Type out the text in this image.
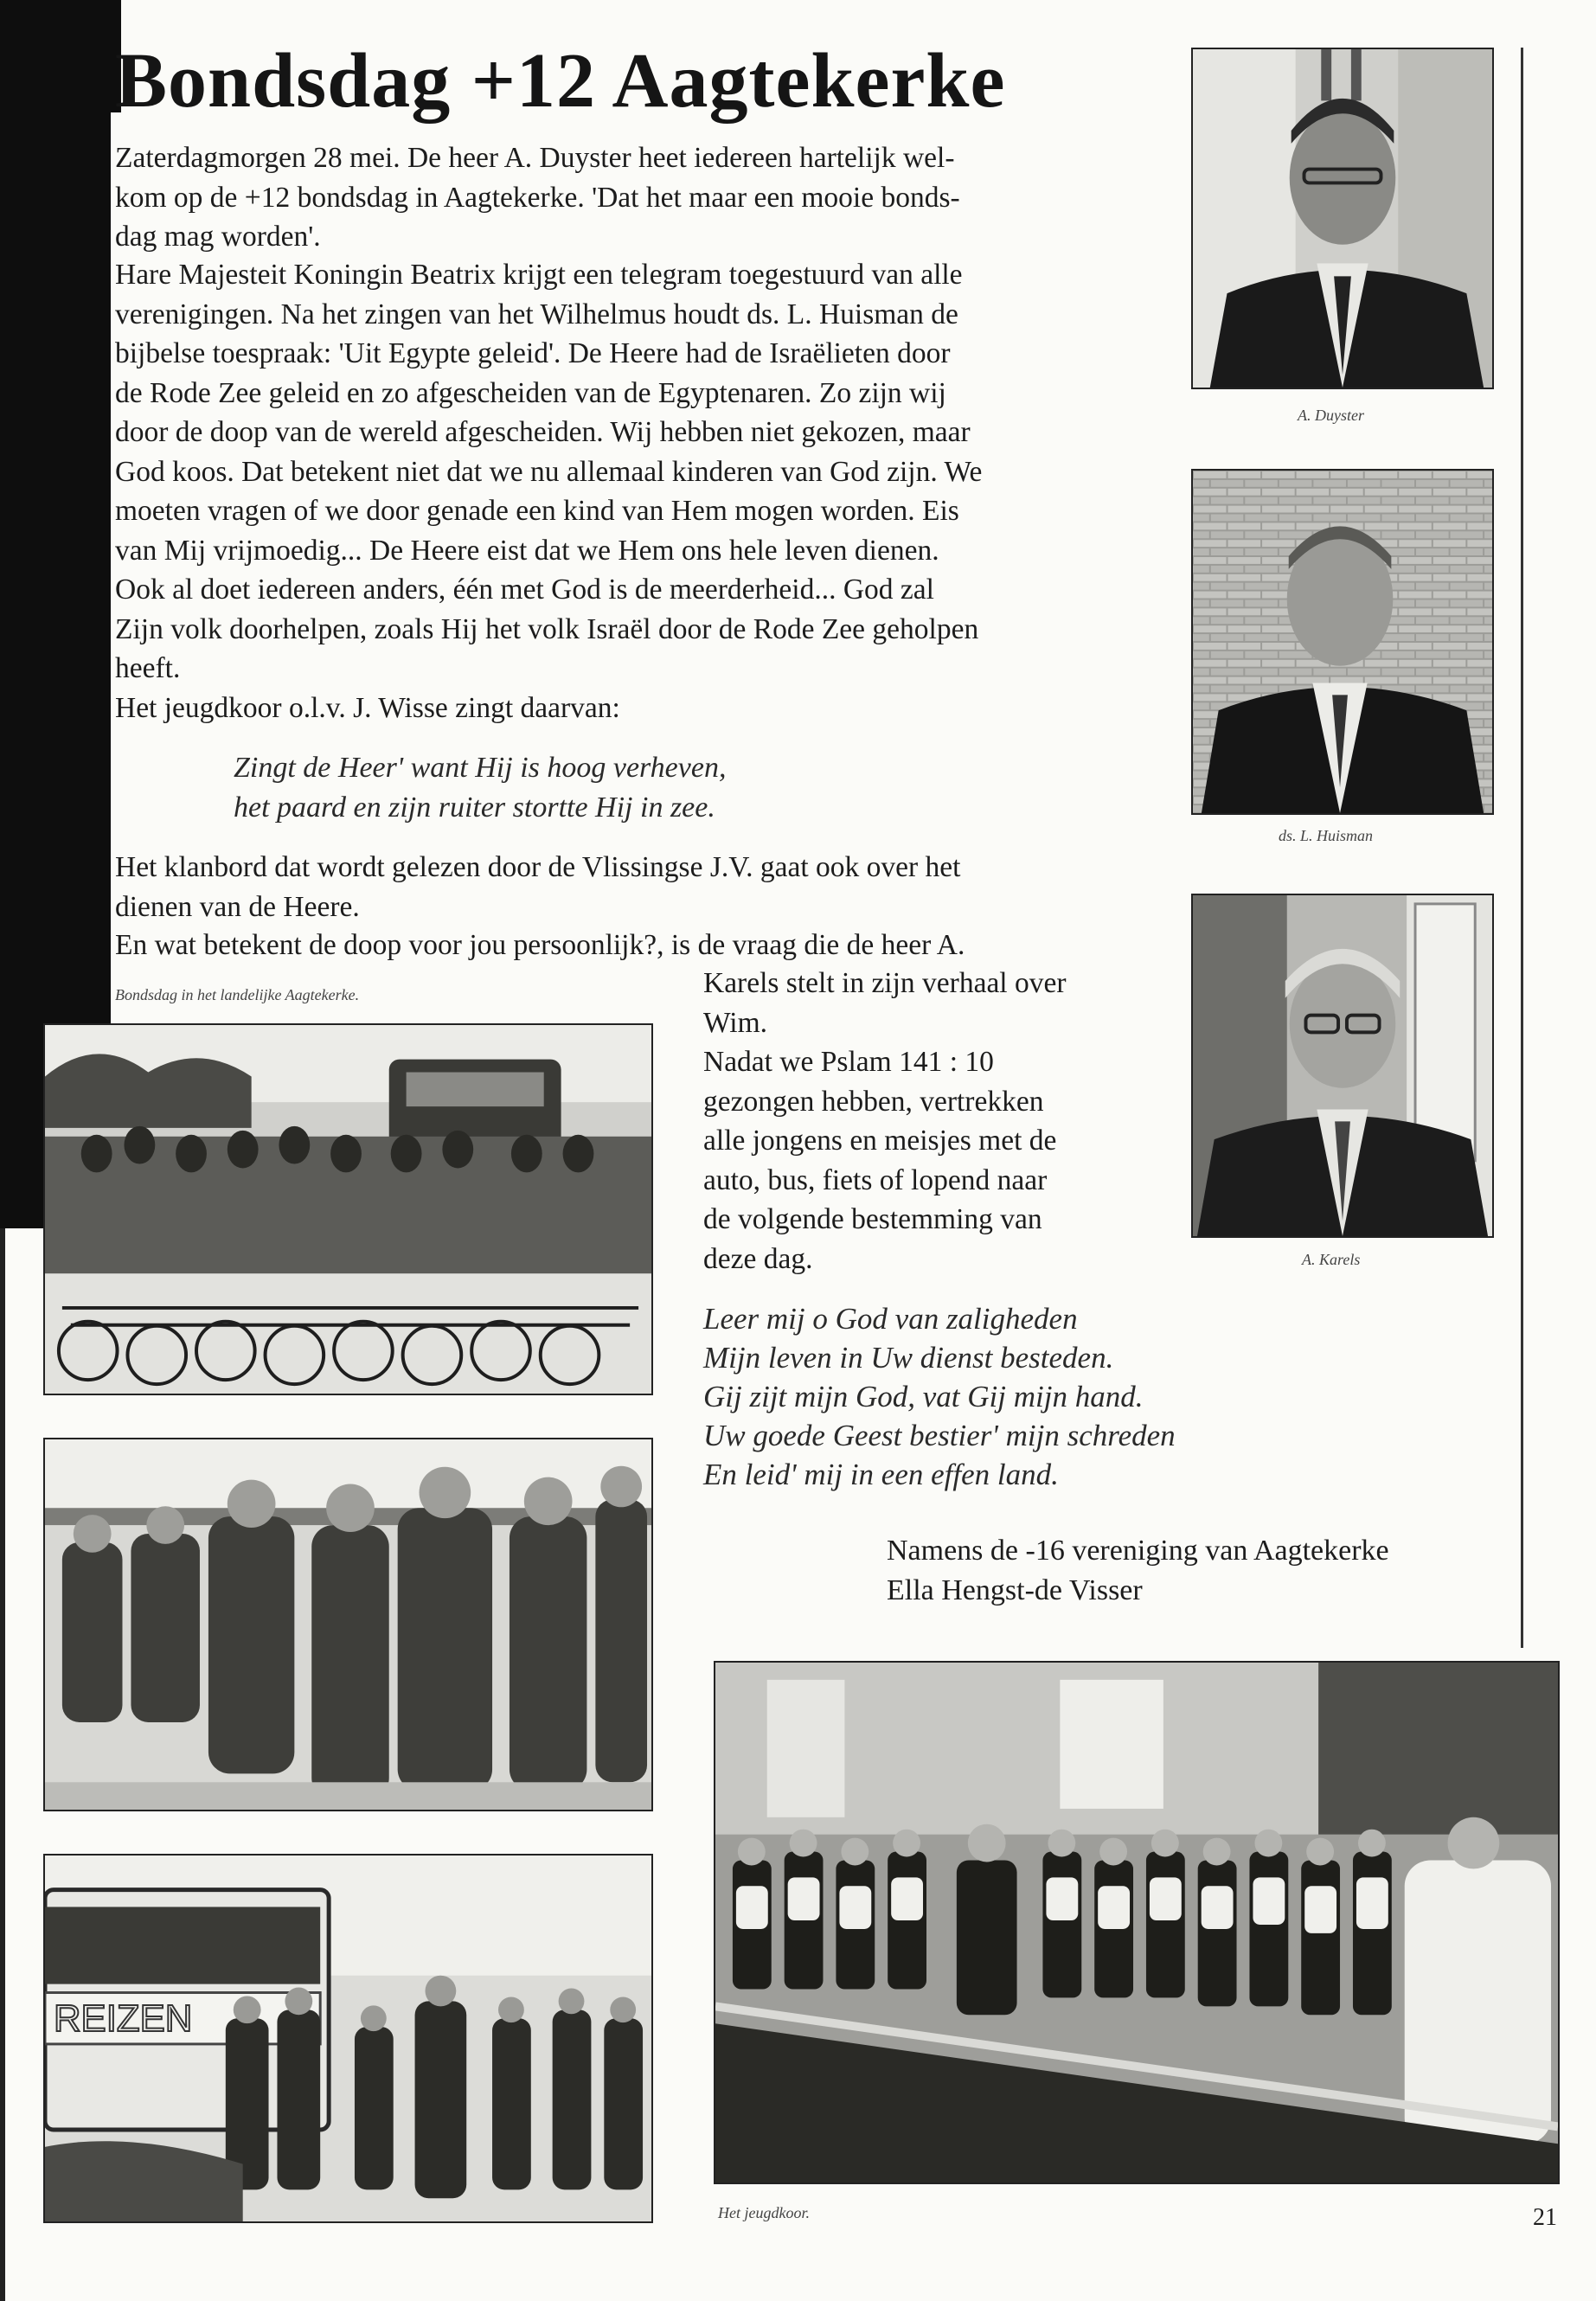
Bondsdag +12 Aagtekerke
Zaterdagmorgen 28 mei. De heer A. Duyster heet iedereen hartelijk wel-
kom op de +12 bondsdag in Aagtekerke. 'Dat het maar een mooie bonds-
dag mag worden'.
Hare Majesteit Koningin Beatrix krijgt een telegram toegestuurd van alle
verenigingen. Na het zingen van het Wilhelmus houdt ds. L. Huisman de
bijbelse toespraak: 'Uit Egypte geleid'. De Heere had de Israëlieten door
de Rode Zee geleid en zo afgescheiden van de Egyptenaren. Zo zijn wij
door de doop van de wereld afgescheiden. Wij hebben niet gekozen, maar
God koos. Dat betekent niet dat we nu allemaal kinderen van God zijn. We
moeten vragen of we door genade een kind van Hem mogen worden. Eis
van Mij vrijmoedig... De Heere eist dat we Hem ons hele leven dienen.
Ook al doet iedereen anders, één met God is de meerderheid... God zal
Zijn volk doorhelpen, zoals Hij het volk Israël door de Rode Zee geholpen
heeft.
Het jeugdkoor o.l.v. J. Wisse zingt daarvan:
Zingt de Heer' want Hij is hoog verheven,
het paard en zijn ruiter stortte Hij in zee.
Het klanbord dat wordt gelezen door de Vlissingse J.V. gaat ook over het
dienen van de Heere.
En wat betekent de doop voor jou persoonlijk?, is de vraag die de heer A.
Karels stelt in zijn verhaal over
Wim.
Nadat we Pslam 141 : 10
gezongen hebben, vertrekken
alle jongens en meisjes met de
auto, bus, fiets of lopend naar
de volgende bestemming van
deze dag.
Leer mij o God van zaligheden
Mijn leven in Uw dienst besteden.
Gij zijt mijn God, vat Gij mijn hand.
Uw goede Geest bestier' mijn schreden
En leid' mij in een effen land.
Namens de -16 vereniging van Aagtekerke
Ella Hengst-de Visser
A. Duyster
ds. L. Huisman
A. Karels
Bondsdag in het landelijke Aagtekerke.
REIZEN
Het jeugdkoor.	21
